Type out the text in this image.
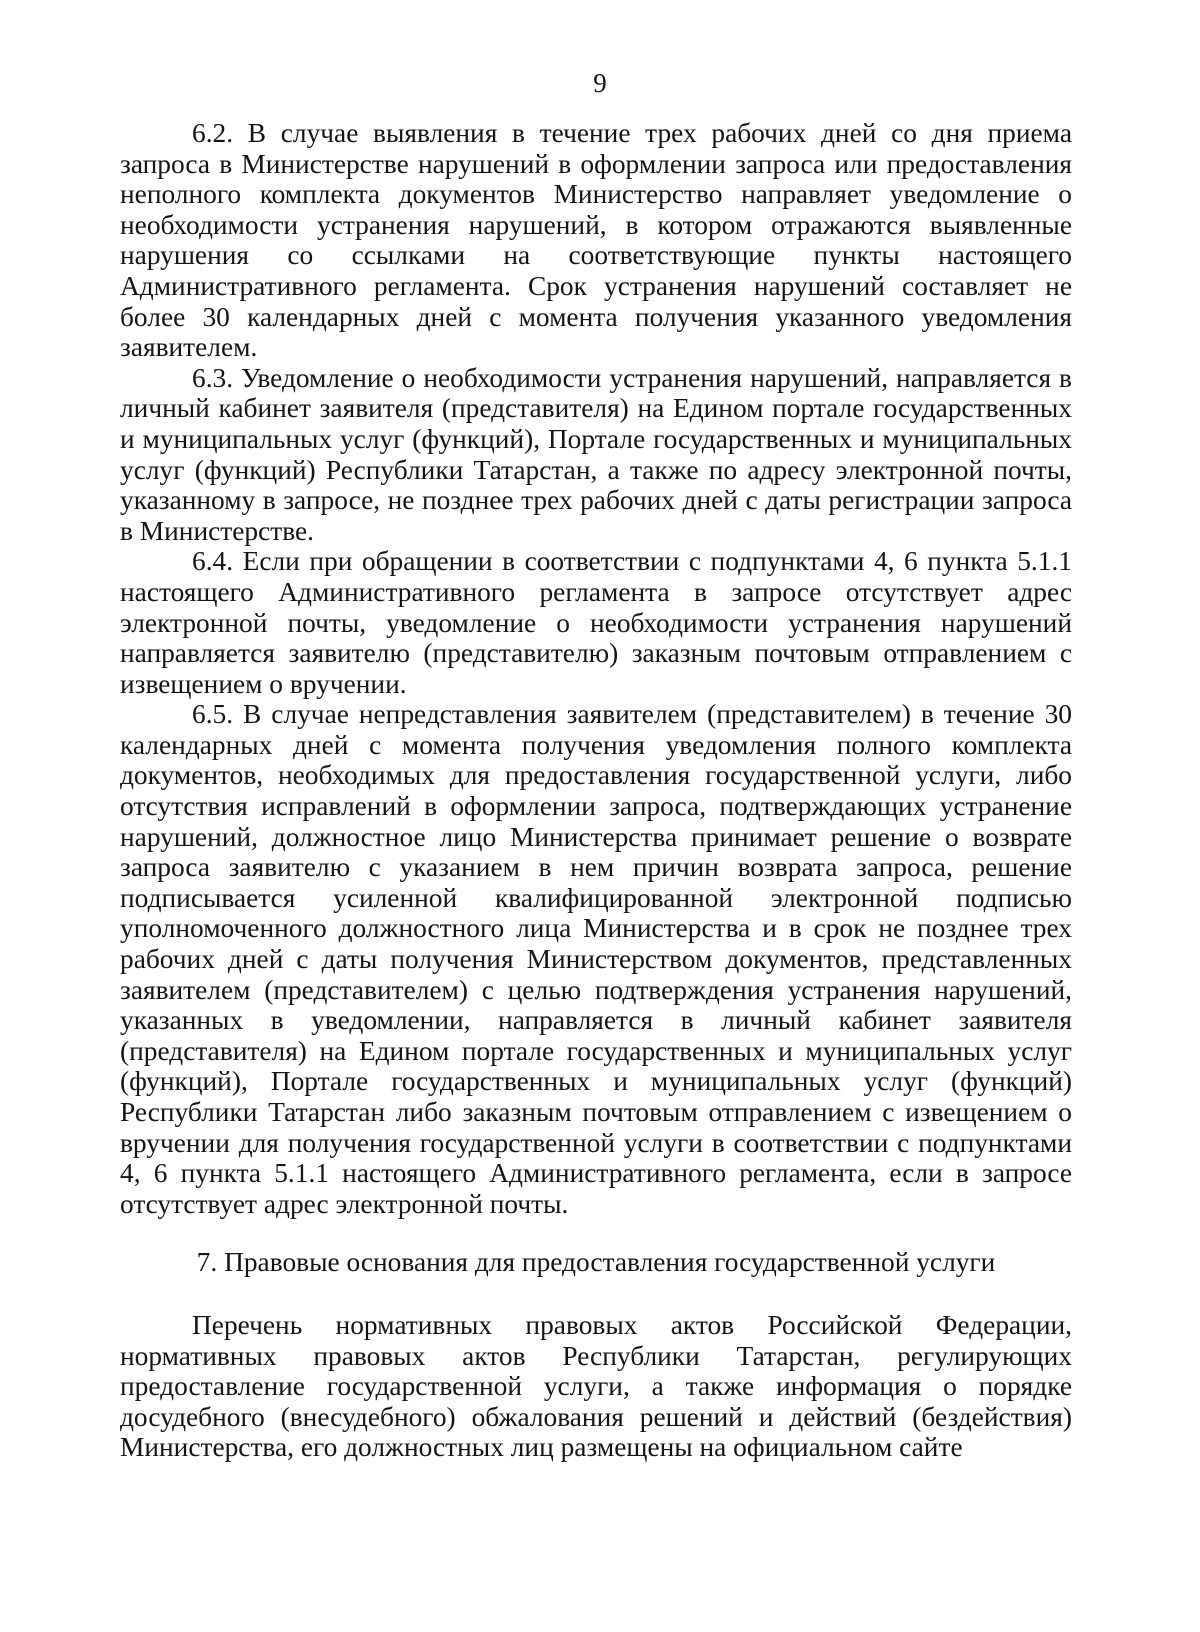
9

6.2. В случае выявления в течение трех рабочих дней со дня приема запроса в Министерстве нарушений в оформлении запроса или предоставления неполного комплекта документов Министерство направляет уведомление о необходимости устранения нарушений, в котором отражаются выявленные нарушения со ссылками на соответствующие пункты настоящего Административного регламента. Срок устранения нарушений составляет не более 30 календарных дней с момента получения указанного уведомления заявителем.

6.3. Уведомление о необходимости устранения нарушений, направляется в личный кабинет заявителя (представителя) на Едином портале государственных и муниципальных услуг (функций), Портале государственных и муниципальных услуг (функций) Республики Татарстан, а также по адресу электронной почты, указанному в запросе, не позднее трех рабочих дней с даты регистрации запроса в Министерстве.

6.4. Если при обращении в соответствии с подпунктами 4, 6 пункта 5.1.1 настоящего Административного регламента в запросе отсутствует адрес электронной почты, уведомление о необходимости устранения нарушений направляется заявителю (представителю) заказным почтовым отправлением с извещением о вручении.

6.5. В случае непредставления заявителем (представителем) в течение 30 календарных дней с момента получения уведомления полного комплекта документов, необходимых для предоставления государственной услуги, либо отсутствия исправлений в оформлении запроса, подтверждающих устранение нарушений, должностное лицо Министерства принимает решение о возврате запроса заявителю с указанием в нем причин возврата запроса, решение подписывается усиленной квалифицированной электронной подписью уполномоченного должностного лица Министерства и в срок не позднее трех рабочих дней с даты получения Министерством документов, представленных заявителем (представителем) с целью подтверждения устранения нарушений, указанных в уведомлении, направляется в личный кабинет заявителя (представителя) на Едином портале государственных и муниципальных услуг (функций), Портале государственных и муниципальных услуг (функций) Республики Татарстан либо заказным почтовым отправлением с извещением о вручении для получения государственной услуги в соответствии с подпунктами 4, 6 пункта 5.1.1 настоящего Административного регламента, если в запросе отсутствует адрес электронной почты.

7. Правовые основания для предоставления государственной услуги

Перечень нормативных правовых актов Российской Федерации, нормативных правовых актов Республики Татарстан, регулирующих предоставление государственной услуги, а также информация о порядке досудебного (внесудебного) обжалования решений и действий (бездействия) Министерства, его должностных лиц размещены на официальном сайте
